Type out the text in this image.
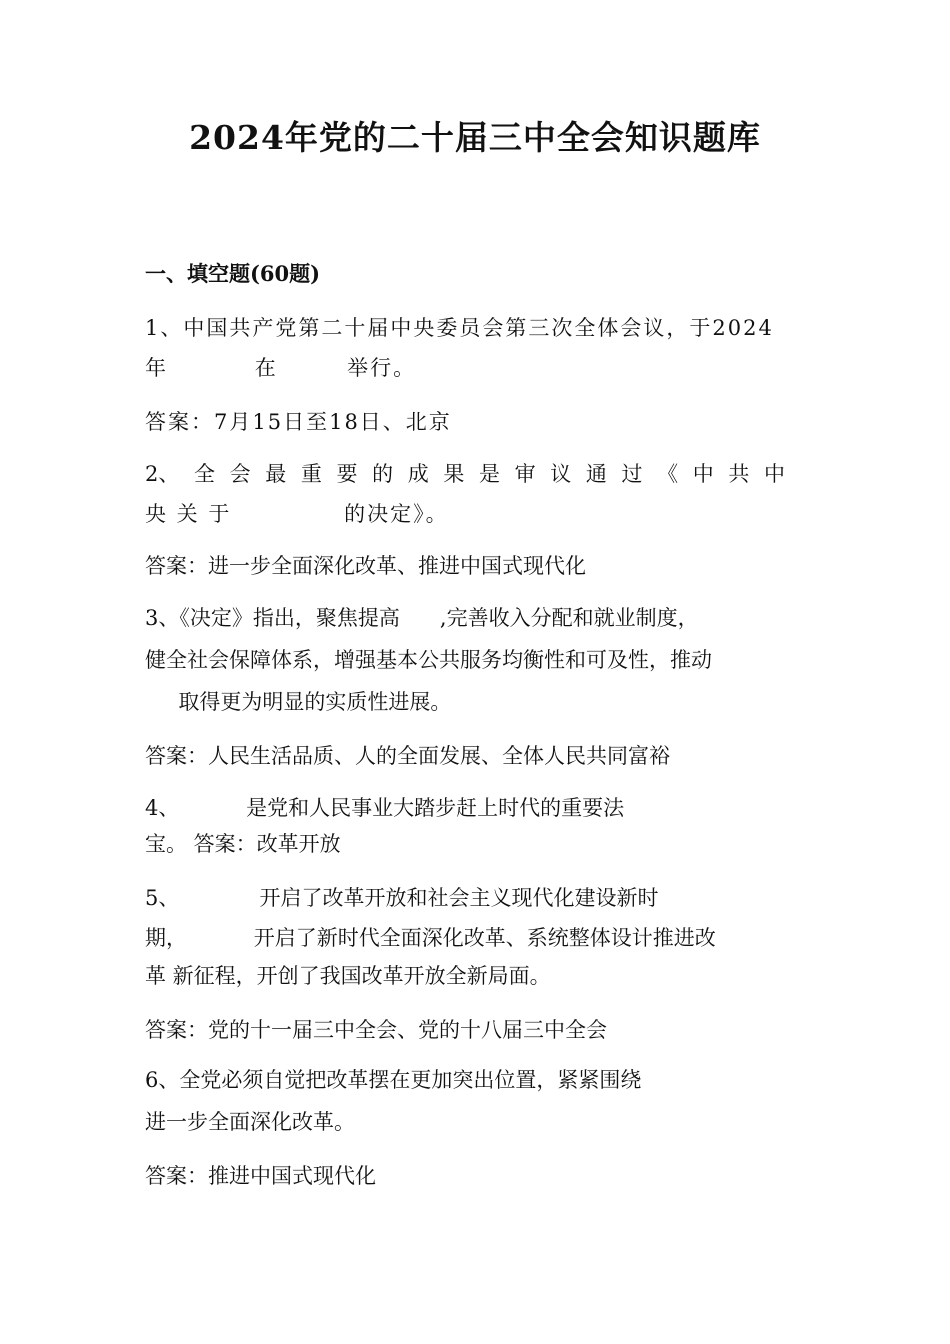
2024年党的二十届三中全会知识题库
一、填空题(60题)
1、中国共产党第二十届中央委员会第三次全体会议，于2024
年          在        举行。
答案：7月15日至18日、北京
2、 全 会 最 重 要 的 成 果 是 审 议 通 过 《 中 共 中
央 关 于             的决定》。
答案：进一步全面深化改革、推进中国式现代化
3、《决定》指出，聚焦提高      ,完善收入分配和就业制度，
健全社会保障体系，增强基本公共服务均衡性和可及性，推动
取得更为明显的实质性进展。
答案：人民生活品质、人的全面发展、全体人民共同富裕
4、          是党和人民事业大踏步赶上时代的重要法
宝。 答案：改革开放
5、            开启了改革开放和社会主义现代化建设新时
期，          开启了新时代全面深化改革、系统整体设计推进改
革 新征程，开创了我国改革开放全新局面。
答案：党的十一届三中全会、党的十八届三中全会
6、全党必须自觉把改革摆在更加突出位置，紧紧围绕
进一步全面深化改革。
答案：推进中国式现代化
